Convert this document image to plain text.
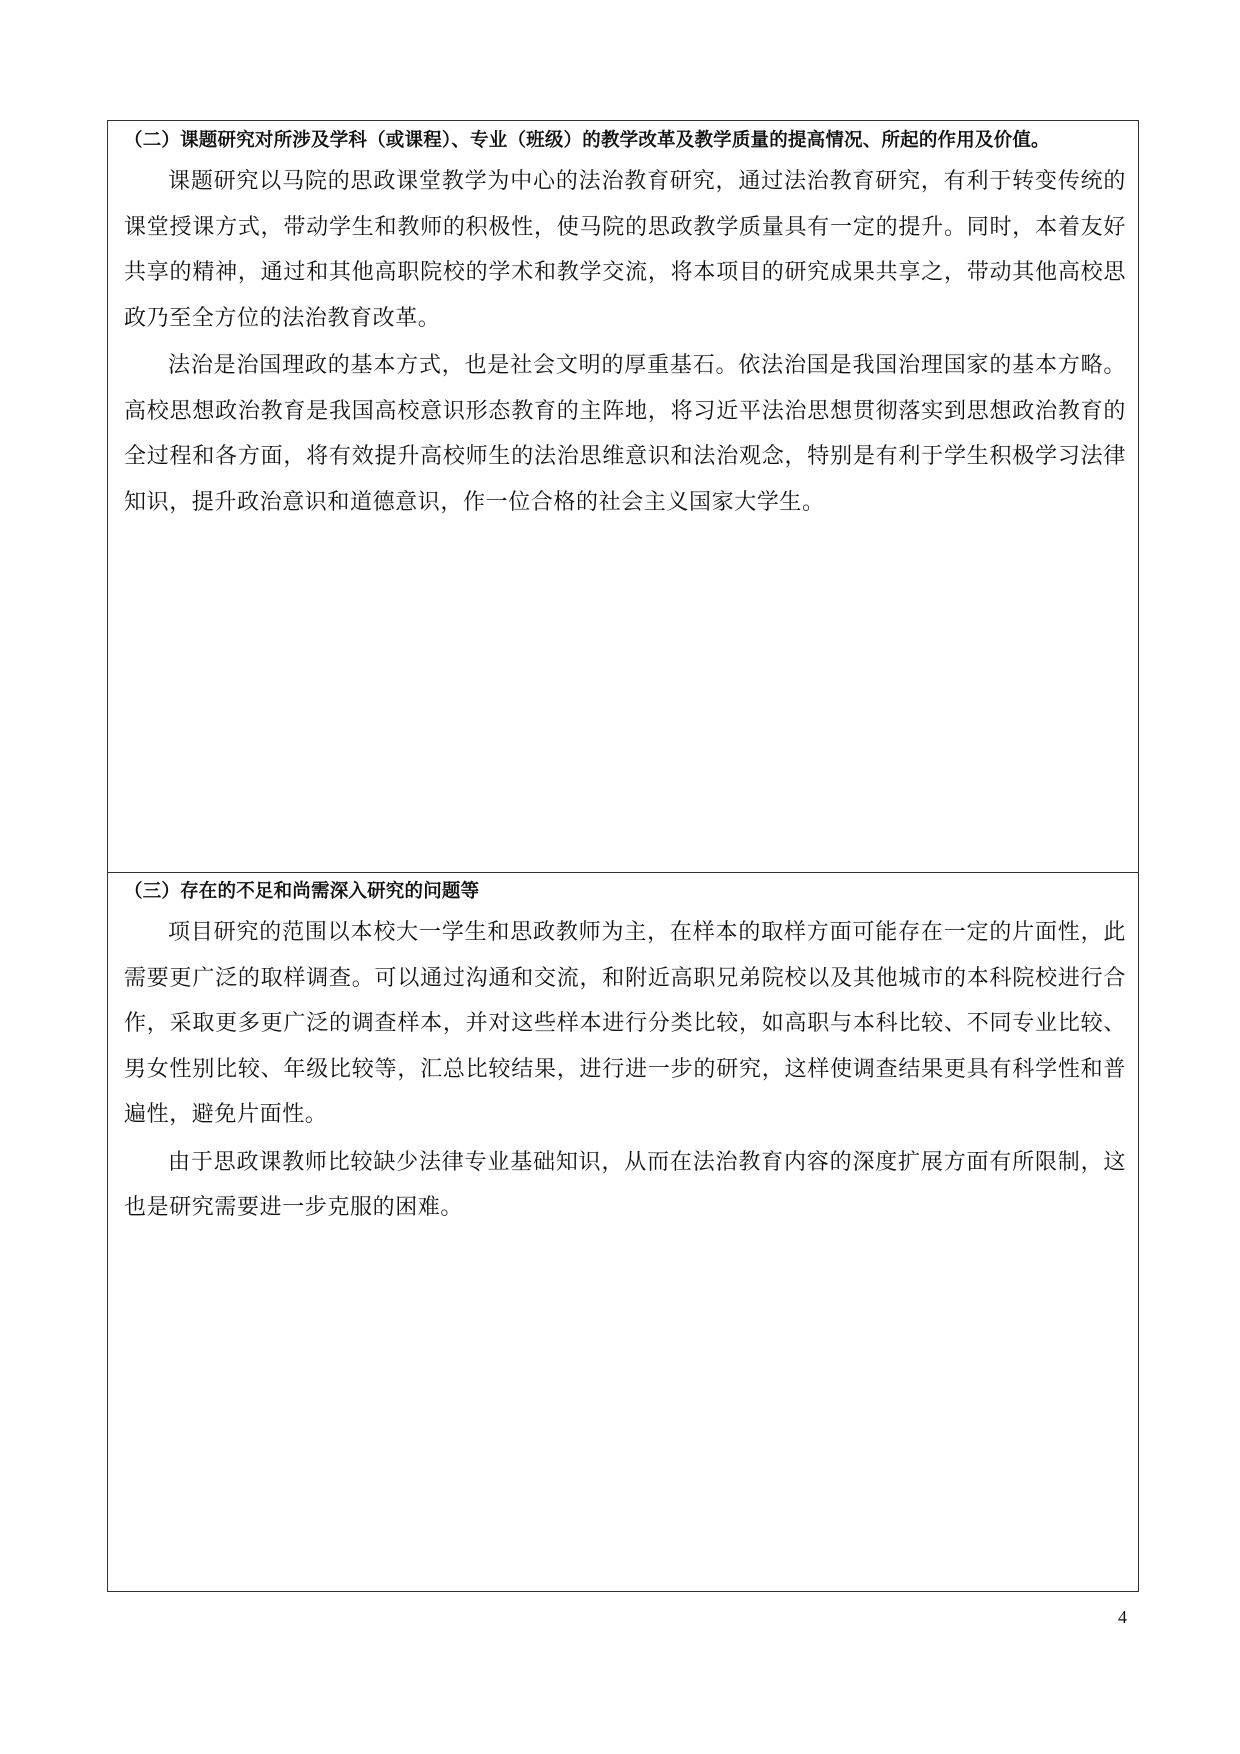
（二）课题研究对所涉及学科（或课程）、专业（班级）的教学改革及教学质量的提高情况、所起的作用及价值。

课题研究以马院的思政课堂教学为中心的法治教育研究，通过法治教育研究，有利于转变传统的课堂授课方式，带动学生和教师的积极性，使马院的思政教学质量具有一定的提升。同时，本着友好共享的精神，通过和其他高职院校的学术和教学交流，将本项目的研究成果共享之，带动其他高校思政乃至全方位的法治教育改革。

法治是治国理政的基本方式，也是社会文明的厚重基石。依法治国是我国治理国家的基本方略。高校思想政治教育是我国高校意识形态教育的主阵地，将习近平法治思想贯彻落实到思想政治教育的全过程和各方面，将有效提升高校师生的法治思维意识和法治观念，特别是有利于学生积极学习法律知识，提升政治意识和道德意识，作一位合格的社会主义国家大学生。

（三）存在的不足和尚需深入研究的问题等

项目研究的范围以本校大一学生和思政教师为主，在样本的取样方面可能存在一定的片面性，此需要更广泛的取样调查。可以通过沟通和交流，和附近高职兄弟院校以及其他城市的本科院校进行合作，采取更多更广泛的调查样本，并对这些样本进行分类比较，如高职与本科比较、不同专业比较、男女性别比较、年级比较等，汇总比较结果，进行进一步的研究，这样使调查结果更具有科学性和普遍性，避免片面性。

由于思政课教师比较缺少法律专业基础知识，从而在法治教育内容的深度扩展方面有所限制，这也是研究需要进一步克服的困难。

4
